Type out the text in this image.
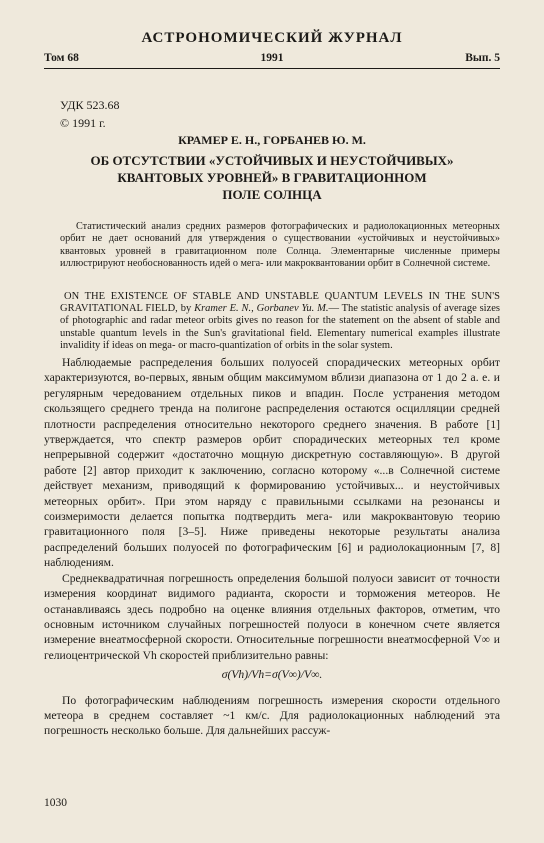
АСТРОНОМИЧЕСКИЙ ЖУРНАЛ
Том 68	1991	Вып. 5
УДК 523.68
© 1991 г.
КРАМЕР Е. Н., ГОРБАНЕВ Ю. М.
ОБ ОТСУТСТВИИ «УСТОЙЧИВЫХ И НЕУСТОЙЧИВЫХ»
КВАНТОВЫХ УРОВНЕЙ» В ГРАВИТАЦИОННОМ
ПОЛЕ СОЛНЦА
Статистический анализ средних размеров фотографических и радиолокационных метеорных орбит не дает оснований для утверждения о существовании «устойчивых и неустойчивых» квантовых уровней в гравитационном поле Солнца. Элементарные численные примеры иллюстрируют необоснованность идей о мега- или макроквантовании орбит в Солнечной системе.
ON THE EXISTENCE OF STABLE AND UNSTABLE QUANTUM LEVELS IN THE SUN'S GRAVITATIONAL FIELD, by Kramer E. N., Gorbanev Yu. M.— The statistic analysis of average sizes of photographic and radar meteor orbits gives no reason for the statement on the absent of stable and unstable quantum levels in the Sun's gravitational field. Elementary numerical examples illustrate invalidity if ideas on mega- or macro-quantization of orbits in the solar system.

Наблюдаемые распределения больших полуосей спорадических метеорных орбит характеризуются, во-первых, явным общим максимумом вблизи диапазона от 1 до 2 а. е. и регулярным чередованием отдельных пиков и впадин. После устранения методом скользящего среднего тренда на полигоне распределения остаются осцилляции средней плотности распределения относительно некоторого среднего значения. В работе [1] утверждается, что спектр размеров орбит спорадических метеорных тел кроме непрерывной содержит «достаточно мощную дискретную составляющую». В другой работе [2] автор приходит к заключению, согласно которому «...в Солнечной системе действует механизм, приводящий к формированию устойчивых... и неустойчивых метеорных орбит». При этом наряду с правильными ссылками на резонансы и соизмеримости делается попытка подтвердить мега- или макроквантовую теорию гравитационного поля [3–5]. Ниже приведены некоторые результаты анализа распределений больших полуосей по фотографическим [6] и радиолокационным [7, 8] наблюдениям.

Среднеквадратичная погрешность определения большой полуоси зависит от точности измерения координат видимого радианта, скорости и торможения метеоров. Не останавливаясь здесь подробно на оценке влияния отдельных факторов, отметим, что основным источником случайных погрешностей полуоси в конечном счете является измерение внеатмосферной скорости. Относительные погрешности внеатмосферной V∞ и гелиоцентрической Vh скоростей приблизительно равны:

σ(Vh)/Vh=σ(V∞)/V∞.

По фотографическим наблюдениям погрешность измерения скорости отдельного метеора в среднем составляет ~1 км/с. Для радиолокационных наблюдений эта погрешность несколько больше. Для дальнейших рассуж-

1030
